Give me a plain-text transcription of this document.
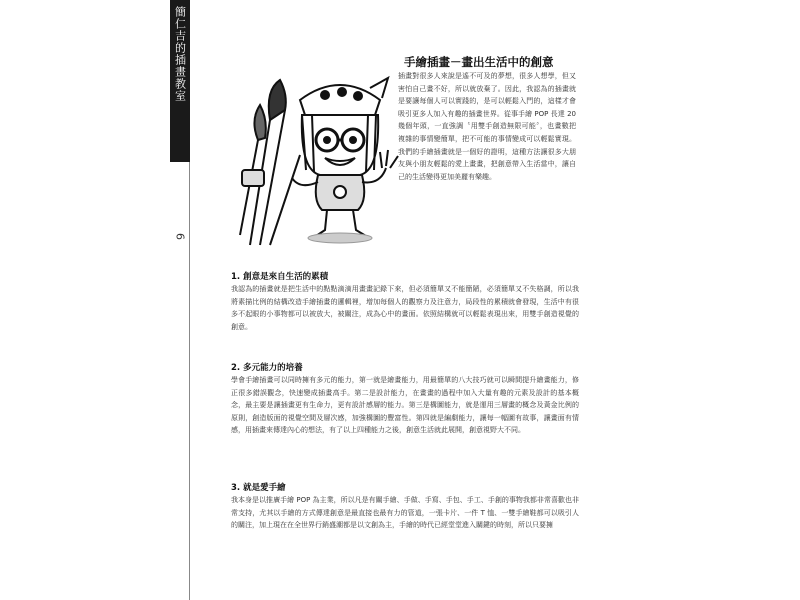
簡仁吉的插畫教室
6
手繪插畫－畫出生活中的創意

插畫對很多人來說是遙不可及的夢想，很多人想學，但又害怕自己畫不好，所以就放棄了。因此，我認為的插畫就是要讓每個人可以實踐的，是可以輕鬆入門的，這樣才會吸引更多人加入有趣的插畫世界。從事手繪 POP 長達 20 幾個年頭，一直強調〝用雙手創造無限可能〞，也畫數把複雜的事情變簡單，把不可能的事情變成可以輕鬆實現。我們的手繪插畫就是一個好的證明，這種方法讓很多大朋友與小朋友輕鬆的愛上畫畫，把創意帶入生活當中，讓自己的生活變得更加美麗有樂趣。

1. 創意是來自生活的累積

我認為的插畫就是把生活中的點點滴滴用畫畫記錄下來，但必須簡單又不能簡陋，必須簡單又不失格調，所以我將素描比例的結構改造手繪插畫的邏輯裡，增加每個人的觀察力及注意力，局段性的累積就會發現，生活中有很多不起眼的小事物都可以被放大，被關注，成為心中的畫面。依照結構就可以輕鬆表現出來，用雙手創造視覺的創意。

2. 多元能力的培養

學會手繪插畫可以同時擁有多元的能力，第一就是繪畫能力，用最簡單的八大技巧就可以瞬間提升繪畫能力，修正很多錯誤觀念，快速變成插畫高手。第二是設計能力，在畫畫的過程中加入大量有趣的元素及設計的基本概念，最主要是讓插畫更有生命力，更有設計感層的能力。第三是構圖能力，就是運用三層畫的概念及黃金比例的原則，創造版面的視覺空間及層次感，加強構圖的豐富性。第四就是編劇能力，讓每一幅圖有故事，讓畫面有情感，用插畫來傳達內心的想法，有了以上四種能力之後，創意生活就此展開，創意視野大不同。

3. 就是愛手繪

我本身是以推廣手繪 POP 為主業，所以凡是有關手繪、手做、手寫、手包、手工、手創的事物我都非常喜歡也非常支持，尤其以手繪的方式傳達創意是最直接也最有力的管道，一張卡片、一件 T 恤、一雙手繪鞋都可以吸引人的關注，加上現在在全世界行銷盛潮都是以文創為主，手繪的時代已經堂堂進入關鍵的時刻，所以只要擁
